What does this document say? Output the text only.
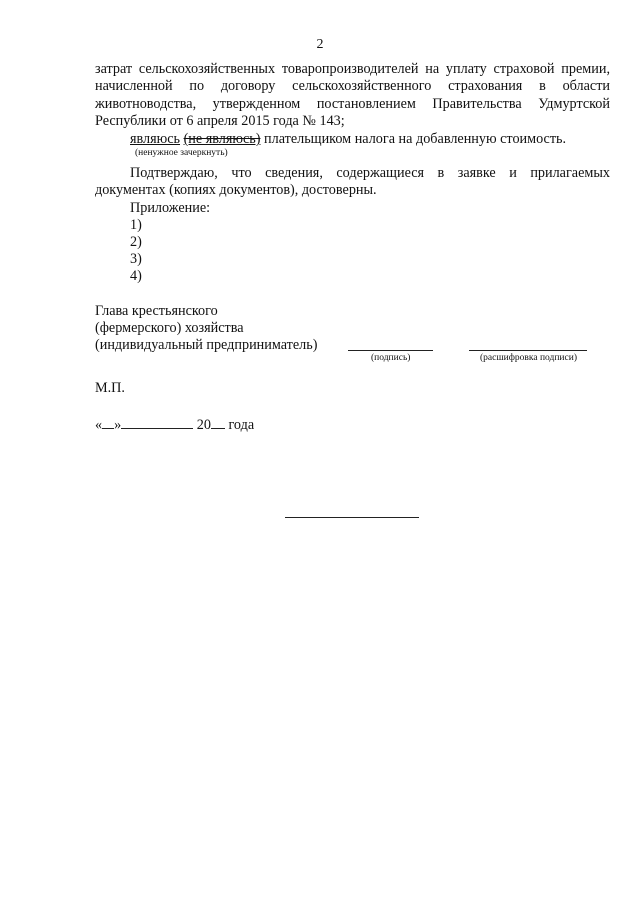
2
затрат сельскохозяйственных товаропроизводителей на уплату страховой премии, начисленной по договору сельскохозяйственного страхования в области животноводства, утвержденном постановлением Правительства Удмуртской Республики от 6 апреля 2015 года № 143;
являюсь (не являюсь) плательщиком налога на добавленную стоимость.
(ненужное зачеркнуть)
Подтверждаю, что сведения, содержащиеся в заявке и прилагаемых документах (копиях документов), достоверны.
Приложение:
1)
2)
3)
4)
Глава крестьянского
(фермерского) хозяйства
(индивидуальный предприниматель)
(подпись)	(расшифровка подписи)
М.П.
« »	20 года
